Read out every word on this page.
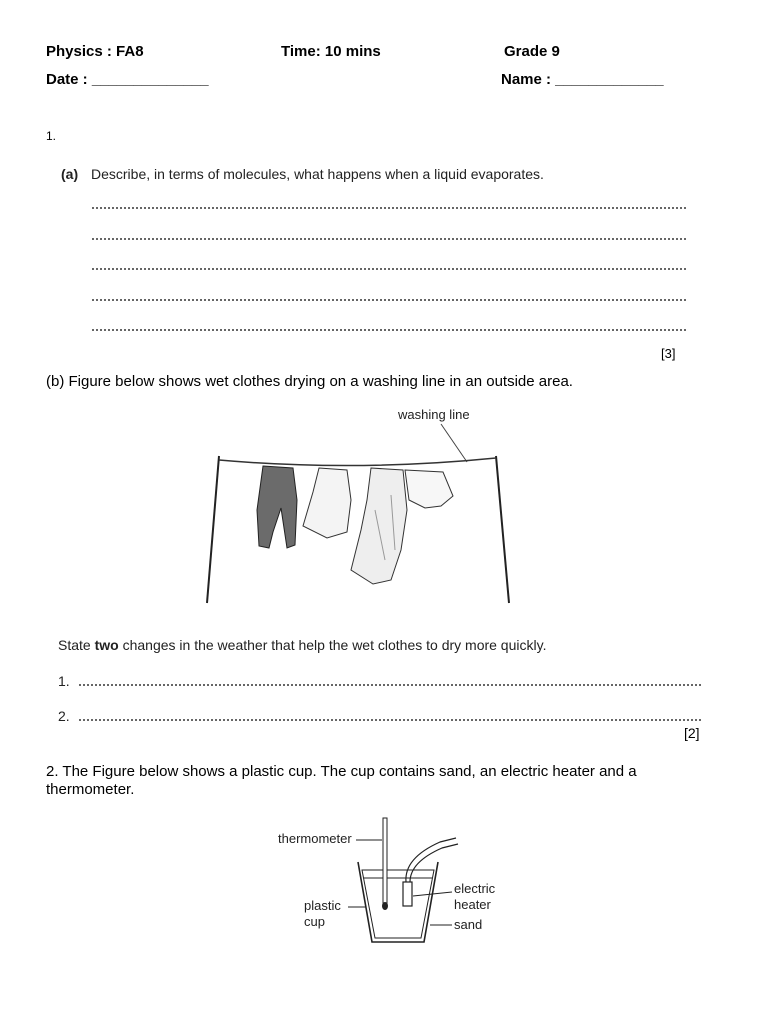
Physics : FA8	Time: 10 mins	Grade 9
Date : ______________	Name : _____________
1.
(a) Describe, in terms of molecules, what happens when a liquid evaporates.
[3]
(b) Figure below shows wet clothes drying on a washing line in an outside area.
washing line
State two changes in the weather that help the wet clothes to dry more quickly.
1.
2.
[2]
2. The Figure below shows a plastic cup. The cup contains sand, an electric heater and a thermometer.
thermometer
plastic
cup
electric
heater
sand
